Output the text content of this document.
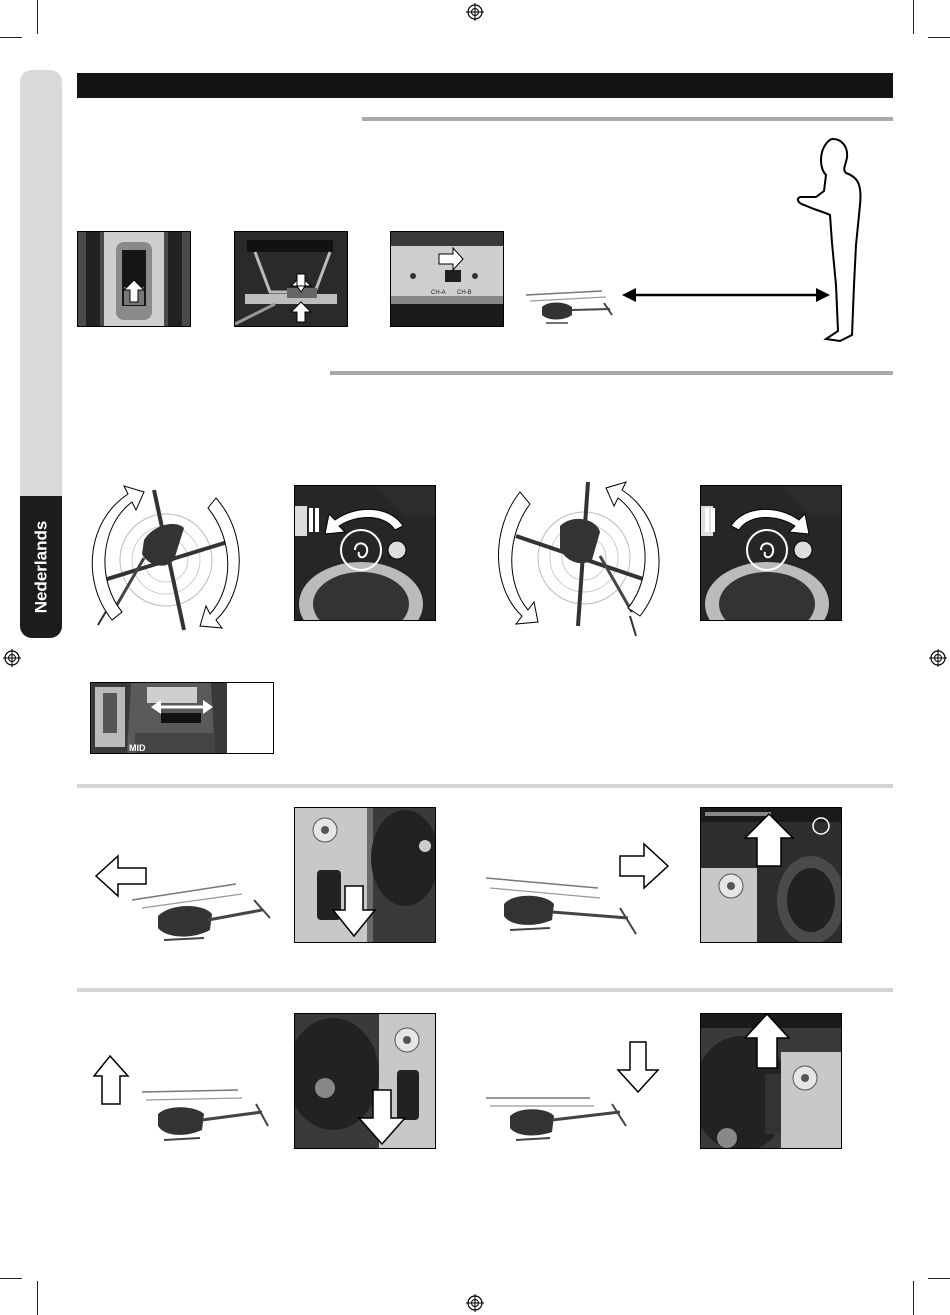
Nederlands
CH-A CH-B
MID
